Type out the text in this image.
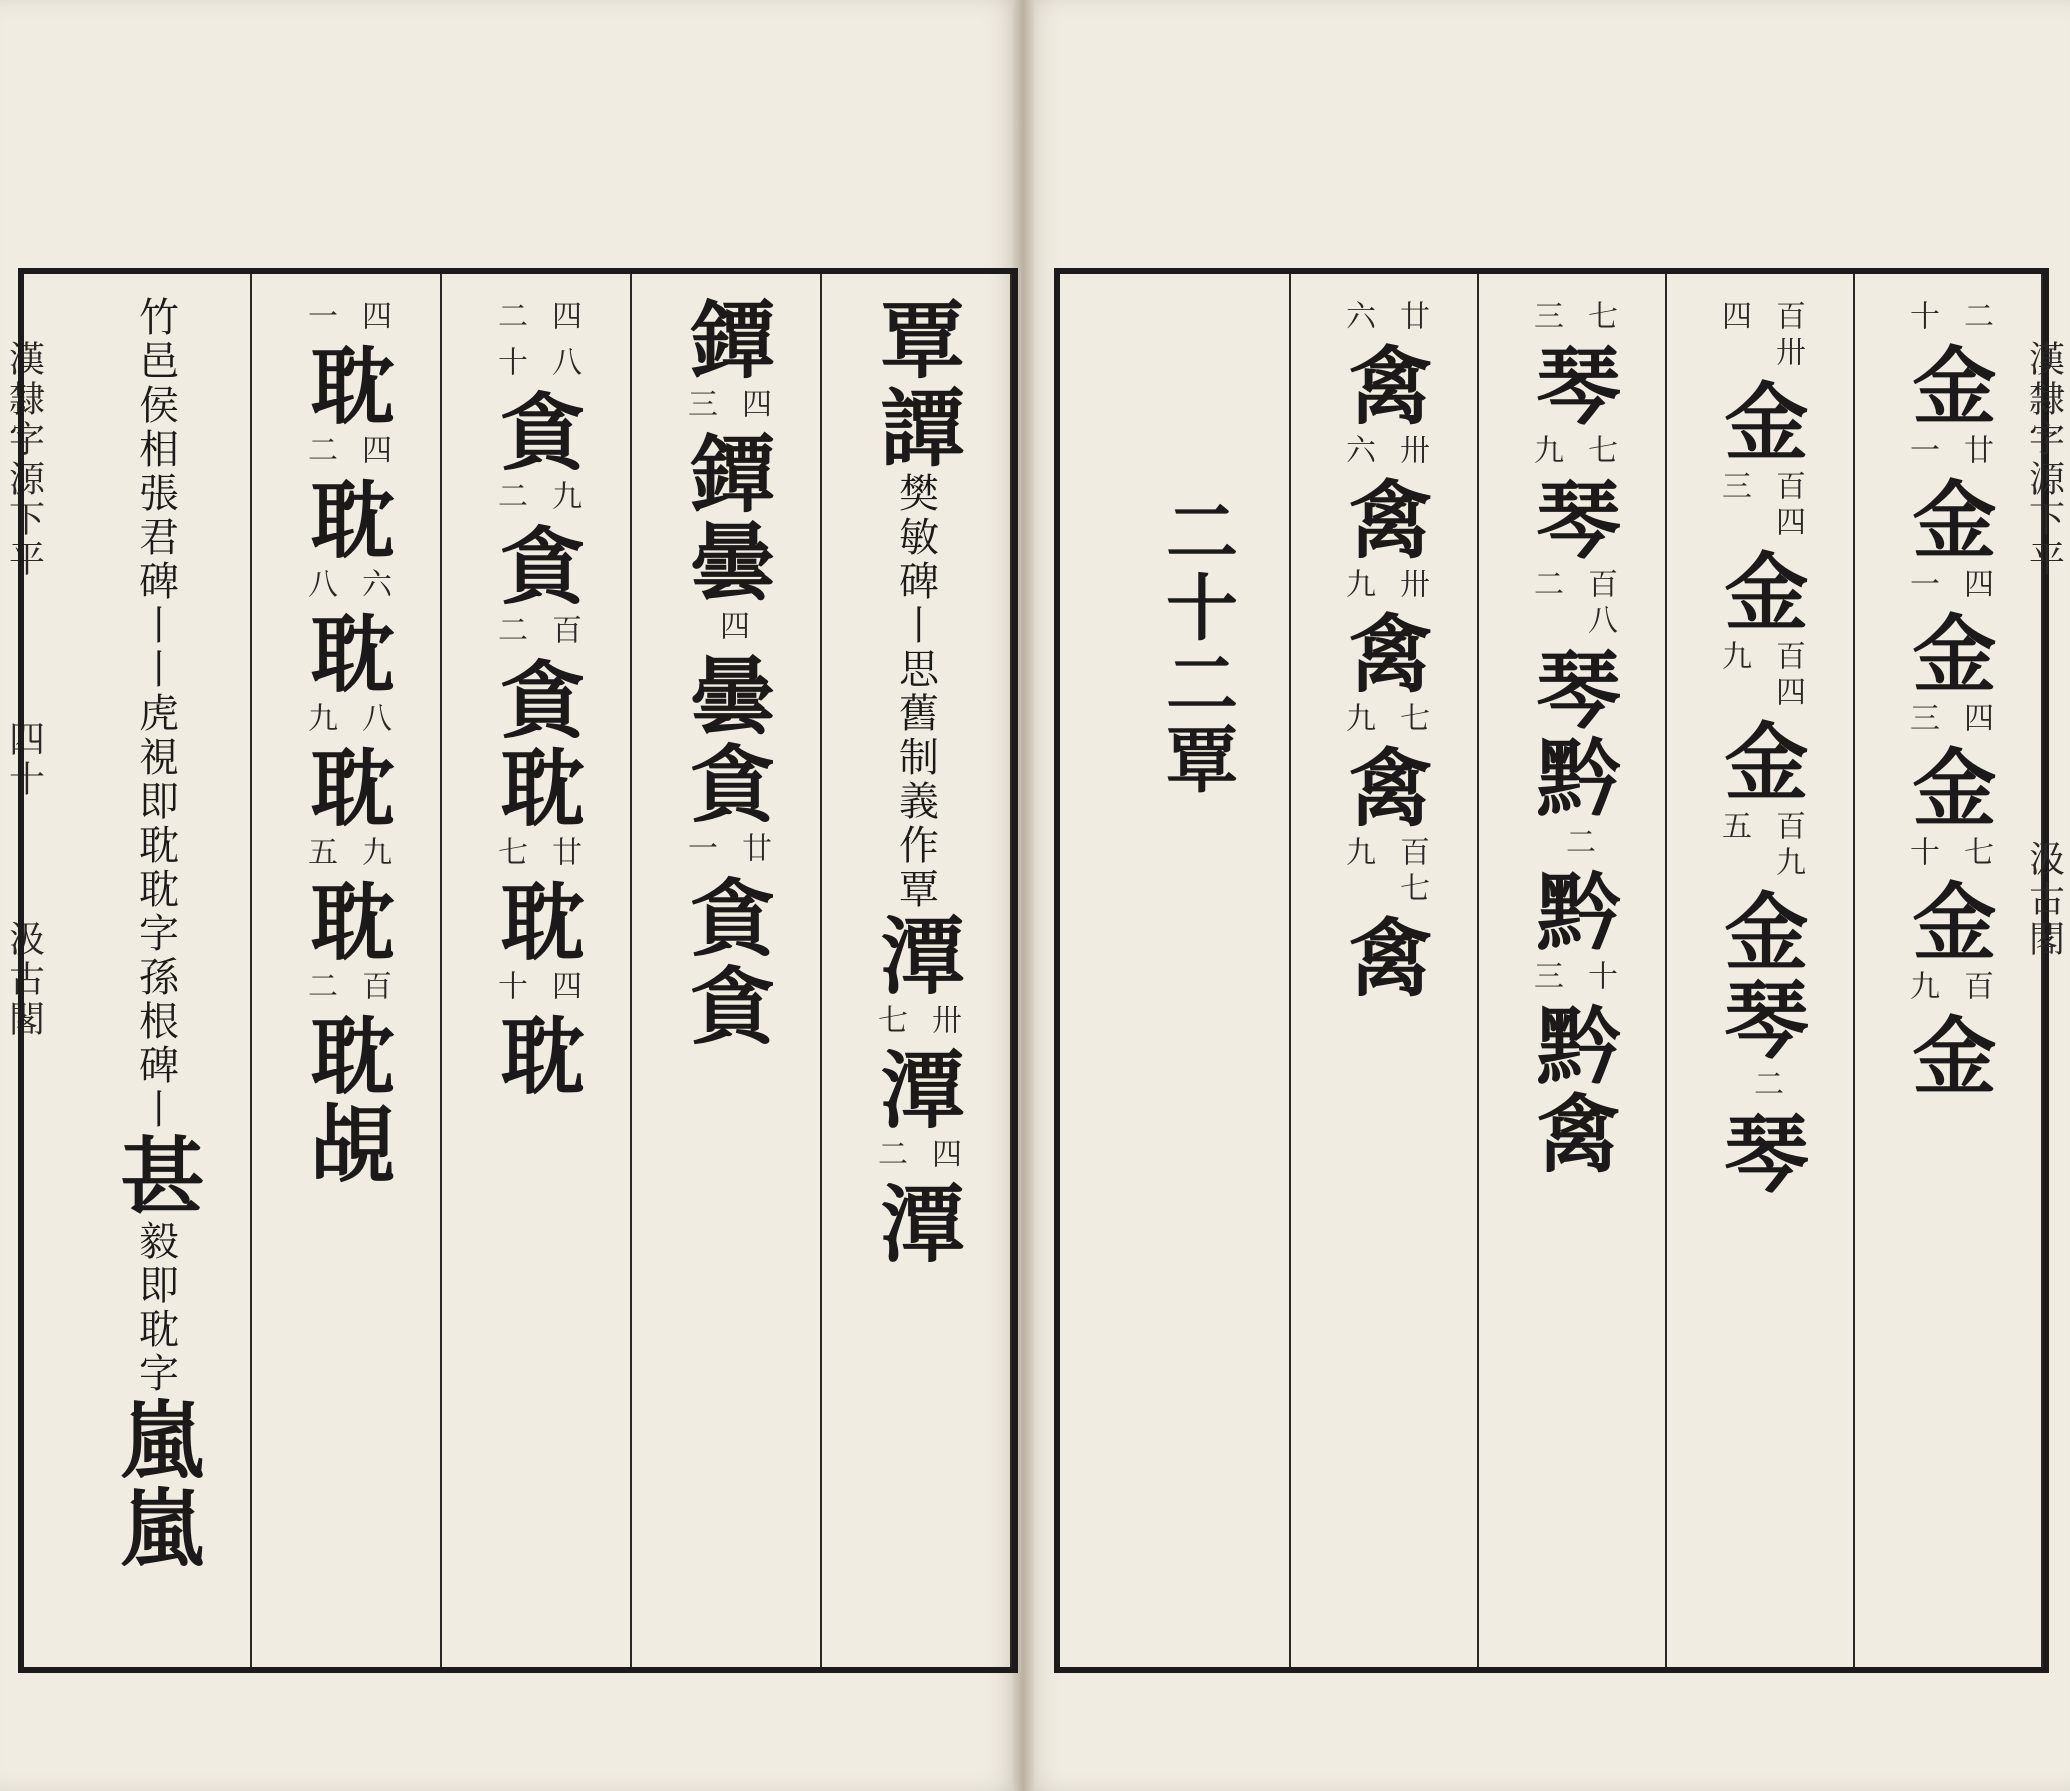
漢隸字源下平
四十
汲古閣
覃
譚
樊敏碑丨思
舊制義作覃
潭
卅
七
潭
四
二
潭
鐔
四
三
鐔
曇
四
曇
貪
廿
一
貪
貪
四
二
八
十
貪
九
二
貪
百
二
貪
耽
廿
七
耽
四
十
耽
四
一
耽
四
二
耽
六
八
耽
八
九
耽
九
五
耽
百
二
耽
覘
竹邑侯相張君碑丨
丨虎視即耽耽字
孫根碑丨
甚
毅即耽字
嵐
嵐
二
十
金
廿
一
金
四
一
金
四
三
金
七
十
金
百
九
金
百卅
四
金
百四
三
金
百四
九
金
百九
五
金
琴
二
琴
七
三
琴
七
九
琴
百八
二
琴
黔
二
黔
十
三
黔
禽
廿
六
禽
卅
六
禽
卅
九
禽
七
九
禽
百七
九
禽
二十二覃
漢隸字源下平
汲古閣
